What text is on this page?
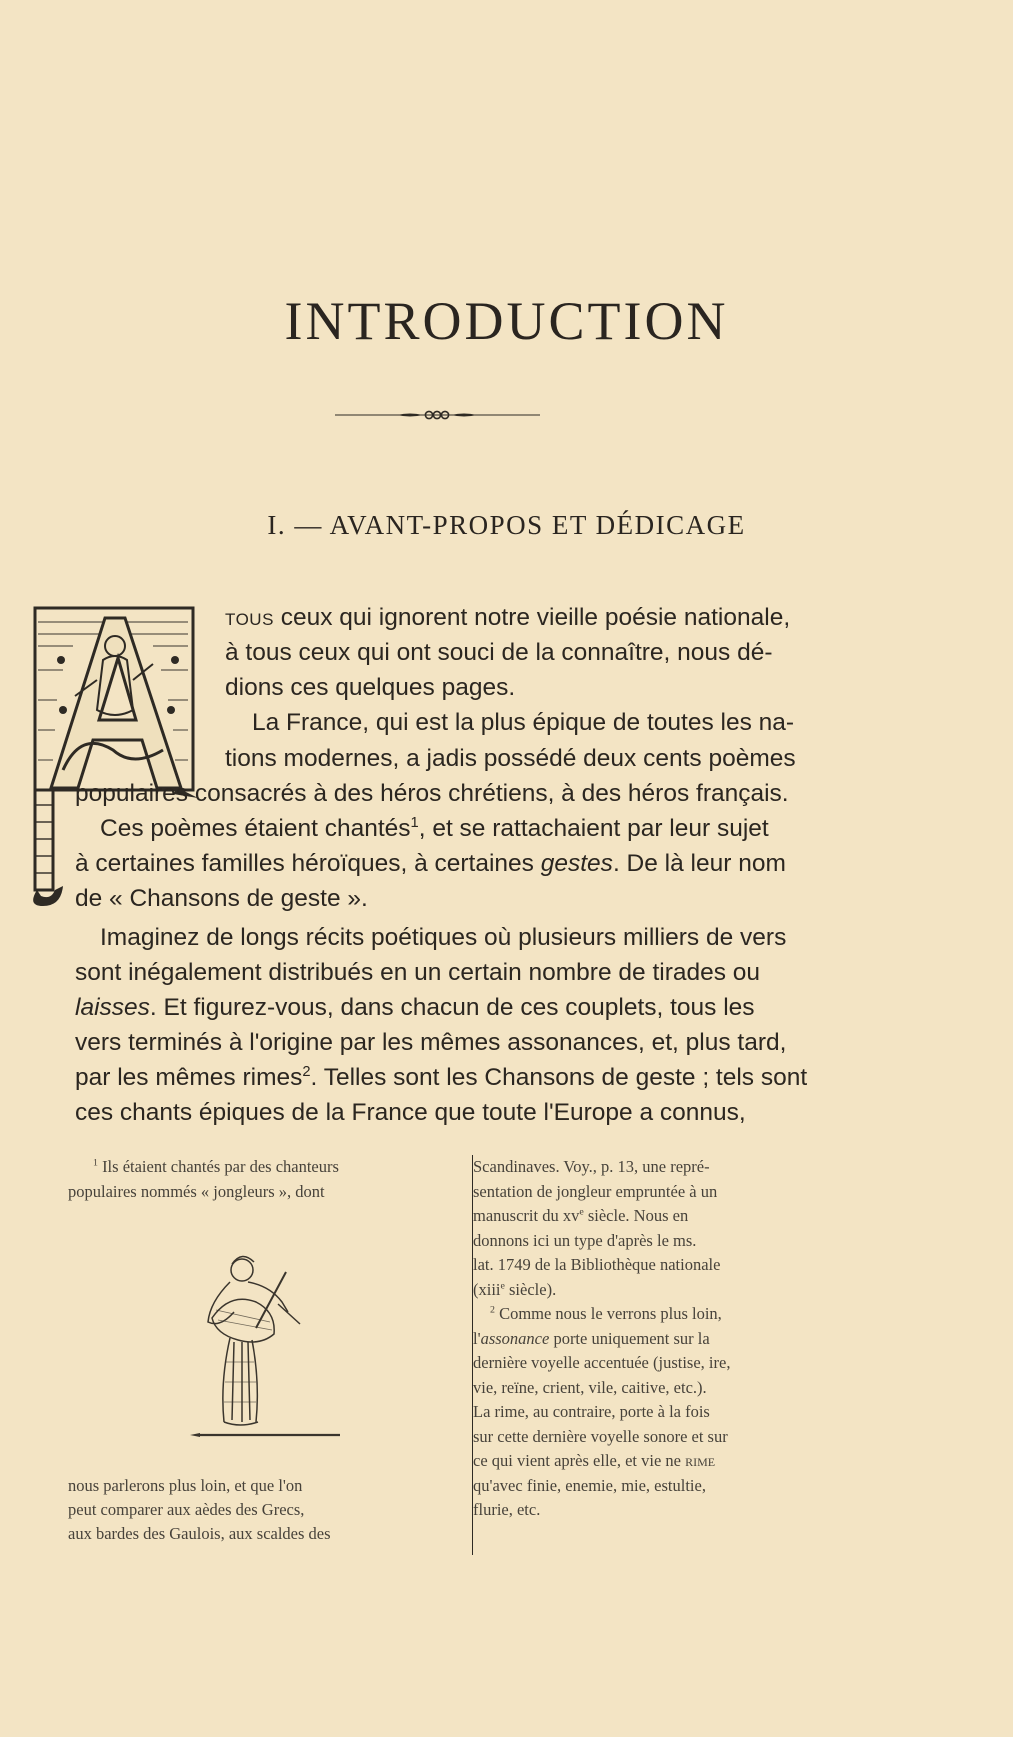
INTRODUCTION
I. — AVANT-PROPOS ET DÉDICAGE
tous ceux qui ignorent notre vieille poésie nationale,
à tous ceux qui ont souci de la connaître, nous dé-
dions ces quelques pages.
La France, qui est la plus épique de toutes les na-
tions modernes, a jadis possédé deux cents poèmes
populaires consacrés à des héros chrétiens, à des héros français.
Ces poèmes étaient chantés$^1$, et se rattachaient par leur sujet
à certaines familles héroïques, à certaines gestes. De là leur nom
de « Chansons de geste ».
Imaginez de longs récits poétiques où plusieurs milliers de vers
sont inégalement distribués en un certain nombre de tirades ou
laisses. Et figurez-vous, dans chacun de ces couplets, tous les
vers terminés à l'origine par les mêmes assonances, et, plus tard,
par les mêmes rimes$^2$. Telles sont les Chansons de geste ; tels sont
ces chants épiques de la France que toute l'Europe a connus,
$^1$ Ils étaient chantés par des chanteurs
populaires nommés « jongleurs », dont
nous parlerons plus loin, et que l'on
peut comparer aux aèdes des Grecs,
aux bardes des Gaulois, aux scaldes des
Scandinaves. Voy., p. 13, une repré-
sentation de jongleur empruntée à un
manuscrit du $xv^e$ siècle. Nous en
donnons ici un type d'après le ms.
lat. 1749 de la Bibliothèque nationale
(xiii$^e$ siècle).
$^2$ Comme nous le verrons plus loin,
l'assonance porte uniquement sur la
dernière voyelle accentuée (justise, ire,
vie, reïne, crient, vile, caitive, etc.).
La rime, au contraire, porte à la fois
sur cette dernière voyelle sonore et sur
ce qui vient après elle, et vie ne rime
qu'avec finie, enemie, mie, estultie,
flurie, etc.
